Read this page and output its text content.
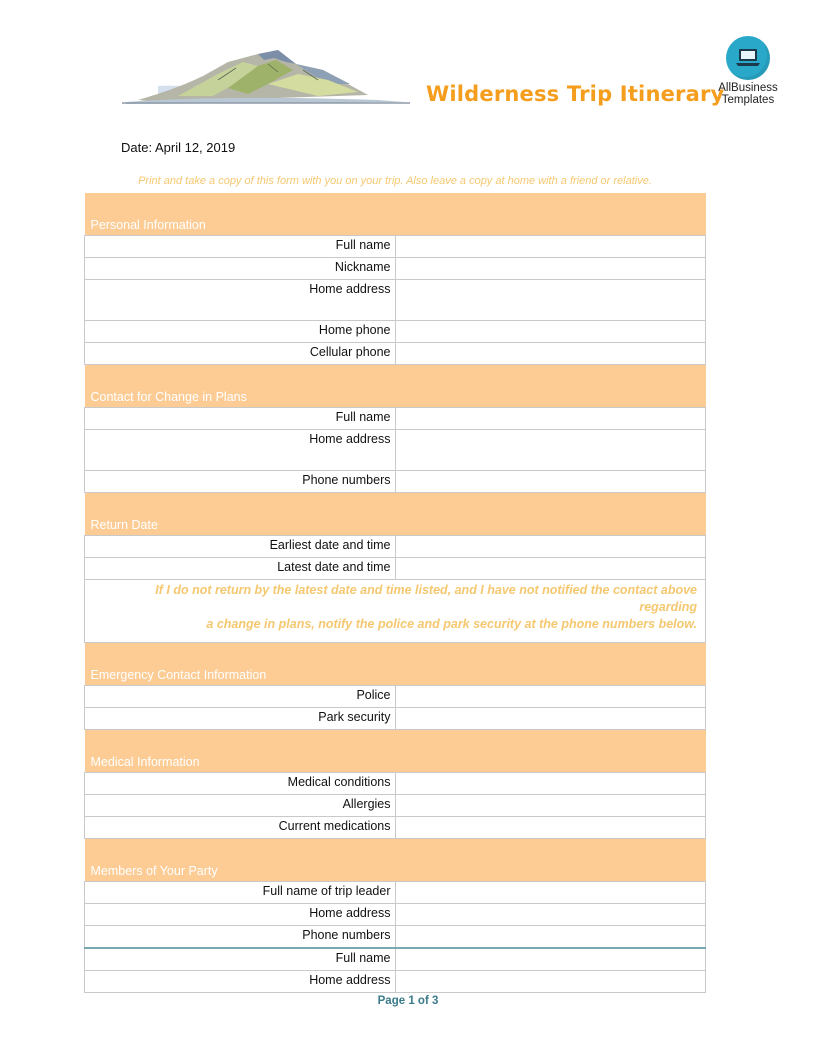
Wilderness Trip Itinerary
AllBusiness
Templates
Date: April 12, 2019
Print and take a copy of this form with you on your trip. Also leave a copy at home with a friend or relative.
Personal Information	
Full name	
Nickname	
Home address	
Home phone	
Cellular phone	
Contact for Change in Plans	
Full name	
Home address	
Phone numbers	
Return Date	
Earliest date and time	
Latest date and time	

If I do not return by the latest date and time listed, and I have not notified the contact above
regarding
a change in plans, notify the police and park security at the phone numbers below.	

Emergency Contact Information	
Police	
Park security	
Medical Information	
Medical conditions	
Allergies	
Current medications	
Members of Your Party	
Full name of trip leader	
Home address	
Phone numbers	
Full name	
Home address	
Page 1 of 3
